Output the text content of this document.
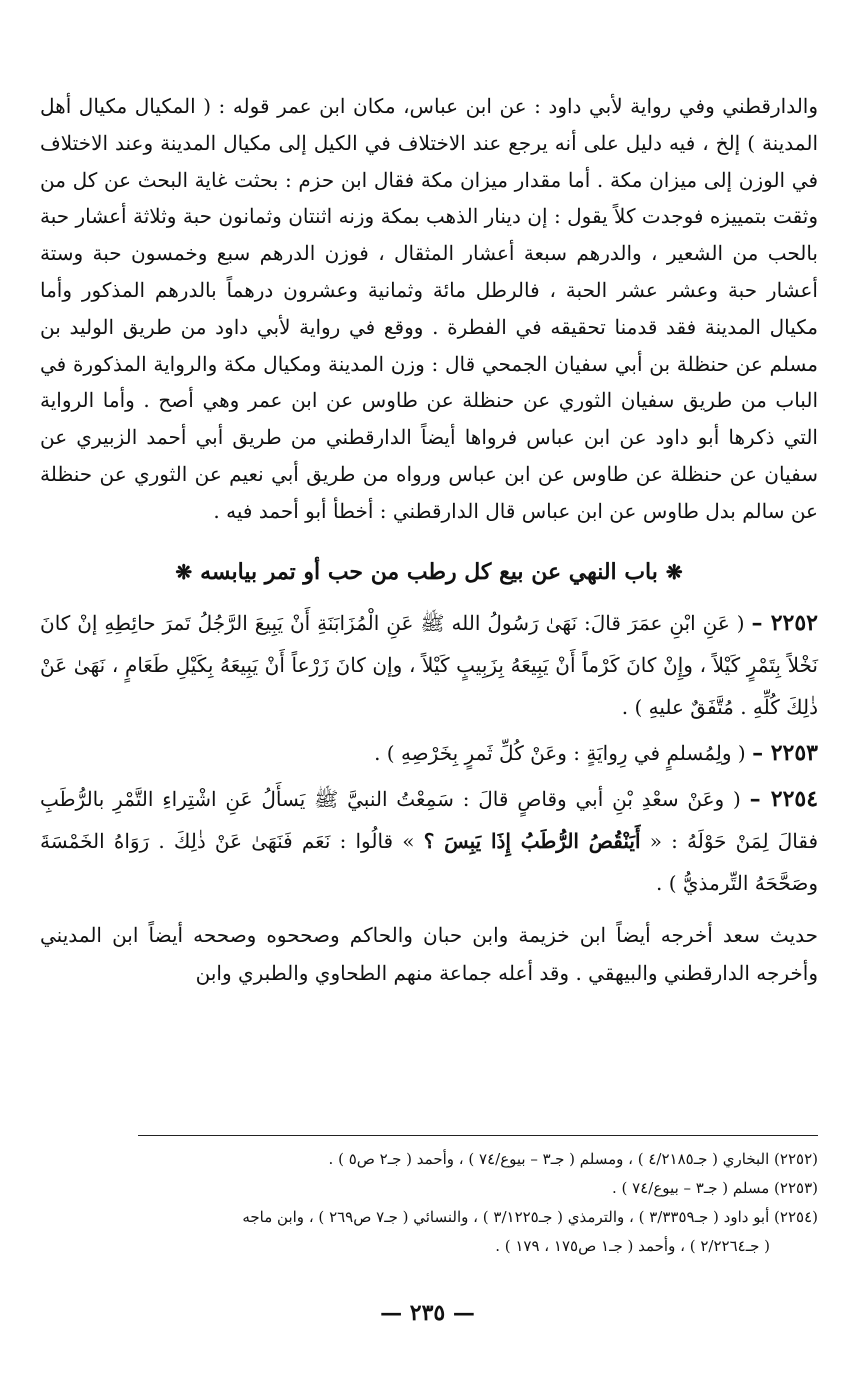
والدارقطني وفي رواية لأبي داود : عن ابن عباس، مكان ابن عمر قوله : ( المكيال مكيال أهل المدينة ) إلخ ، فيه دليل على أنه يرجع عند الاختلاف في الكيل إلى مكيال المدينة وعند الاختلاف في الوزن إلى ميزان مكة . أما مقدار ميزان مكة فقال ابن حزم : بحثت غاية البحث عن كل من وثقت بتمييزه فوجدت كلاً يقول : إن دينار الذهب بمكة وزنه اثنتان وثمانون حبة وثلاثة أعشار حبة بالحب من الشعير ، والدرهم سبعة أعشار المثقال ، فوزن الدرهم سبع وخمسون حبة وستة أعشار حبة وعشر عشر الحبة ، فالرطل مائة وثمانية وعشرون درهماً بالدرهم المذكور وأما مكيال المدينة فقد قدمنا تحقيقه في الفطرة . ووقع في رواية لأبي داود من طريق الوليد بن مسلم عن حنظلة بن أبي سفيان الجمحي قال : وزن المدينة ومكيال مكة والرواية المذكورة في الباب من طريق سفيان الثوري عن حنظلة عن طاوس عن ابن عمر وهي أصح . وأما الرواية التي ذكرها أبو داود عن ابن عباس فرواها أيضاً الدارقطني من طريق أبي أحمد الزبيري عن سفيان عن حنظلة عن طاوس عن ابن عباس ورواه من طريق أبي نعيم عن الثوري عن حنظلة عن سالم بدل طاوس عن ابن عباس قال الدارقطني : أخطأ أبو أحمد فيه .

❋باب النهي عن بيع كل رطب من حب أو تمر بيابسه❋

٢٢٥٢ – ( عَنِ ابْنِ عمَرَ قالَ: نَهَىٰ رَسُولُ الله ﷺ عَنِ الْمُزَابَنَةِ أَنْ يَبِيعَ الرَّجُلُ تَمرَ حائِطِهِ إنْ كانَ نَخْلاً بِتَمْرٍ كَيْلاً ، وإِنْ كانَ كَرْماً أَنْ يَبِيعَهُ بِزَبِيبٍ كَيْلاً ، وإن كانَ زَرْعاً أَنْ يَبِيعَهُ بِكَيْلِ طَعَامٍ ، نَهَىٰ عَنْ ذٰلِكَ كُلِّهِ . مُتَّفَقٌ عليهِ ) .

٢٢٥٣ – ( ولِمُسلمٍ في رِوايَةٍ : وعَنْ كُلِّ ثَمرٍ بِخَرْصِهِ ) .

٢٢٥٤ – ( وعَنْ سعْدِ بْنِ أبي وقاصٍ قالَ : سَمِعْتُ النبيَّ ﷺ يَسأَلُ عَنِ اشْتِراءِ التَّمْرِ بالرُّطَبِ فقالَ لِمَنْ حَوْلَهُ : « أَيَنْقُصُ الرُّطَبُ إِذَا يَبِسَ ؟ » قالُوا : نَعَم فَنَهَىٰ عَنْ ذٰلِكَ . رَوَاهُ الخَمْسَةَ وصَحَّحَهُ التِّرمذيُّ ) .

حديث سعد أخرجه أيضاً ابن خزيمة وابن حبان والحاكم وصححوه وصححه أيضاً ابن المديني وأخرجه الدارقطني والبيهقي . وقد أعله جماعة منهم الطحاوي والطبري وابن

(٢٢٥٢) البخاري ( جـ٤/٢١٨٥ ) ، ومسلم ( جـ٣ – بيوع/٧٤ ) ، وأحمد ( جـ٢ ص٥ ) .

(٢٢٥٣) مسلم ( جـ٣ – بيوع/٧٤ ) .

(٢٢٥٤) أبو داود ( جـ٣/٣٣٥٩ ) ، والترمذي ( جـ٣/١٢٢٥ ) ، والنسائي ( جـ٧ ص٢٦٩ ) ، وابن ماجه

( جـ٢/٢٢٦٤ ) ، وأحمد ( جـ١ ص١٧٥ ، ١٧٩ ) .

— ٢٣٥ —
